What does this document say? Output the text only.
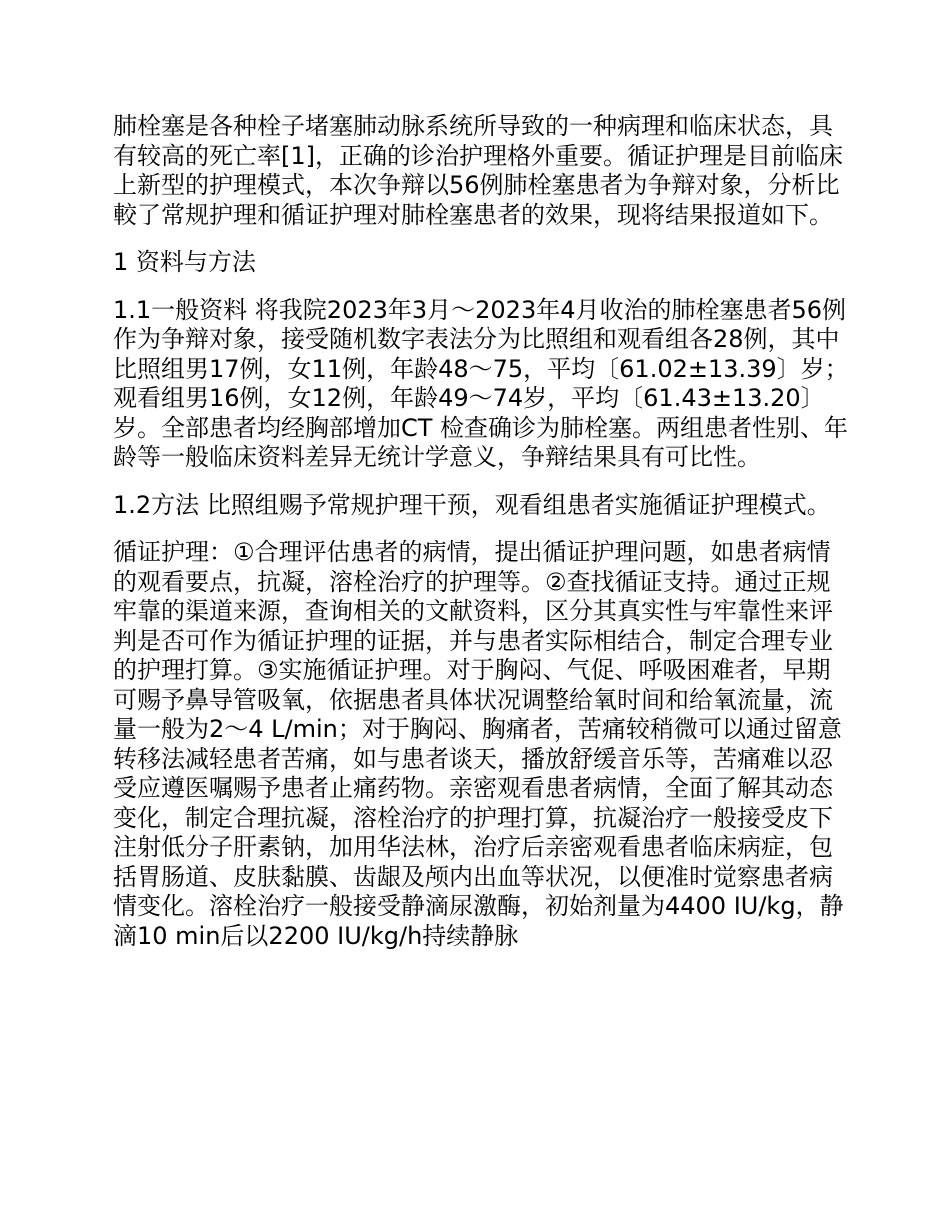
肺栓塞是各种栓子堵塞肺动脉系统所导致的一种病理和临床状态，具有较高的死亡率[1]，正确的诊治护理格外重要。循证护理是目前临床上新型的护理模式，本次争辩以56例肺栓塞患者为争辩对象，分析比較了常规护理和循证护理对肺栓塞患者的效果，现将结果报道如下。

1 资料与方法

1.1一般资料 将我院2023年3月～2023年4月收治的肺栓塞患者56例作为争辩对象，接受随机数字表法分为比照组和观看组各28例，其中比照组男17例，女11例，年龄48～75，平均〔61.02±13.39〕岁；观看组男16例，女12例，年龄49～74岁，平均〔61.43±13.20〕岁。全部患者均经胸部增加CT 检查确诊为肺栓塞。两组患者性别、年龄等一般临床资料差异无统计学意义，争辩结果具有可比性。

1.2方法 比照组赐予常规护理干预，观看组患者实施循证护理模式。

循证护理：①合理评估患者的病情，提出循证护理问题，如患者病情的观看要点，抗凝，溶栓治疗的护理等。②查找循证支持。通过正规牢靠的渠道来源，查询相关的文献资料，区分其真实性与牢靠性来评判是否可作为循证护理的证据，并与患者实际相结合，制定合理专业的护理打算。③实施循证护理。对于胸闷、气促、呼吸困难者，早期可赐予鼻导管吸氧，依据患者具体状况调整给氧时间和给氧流量，流量一般为2～4 L/min；对于胸闷、胸痛者，苦痛较稍微可以通过留意转移法减轻患者苦痛，如与患者谈天，播放舒缓音乐等，苦痛难以忍受应遵医嘱赐予患者止痛药物。亲密观看患者病情，全面了解其动态变化，制定合理抗凝，溶栓治疗的护理打算，抗凝治疗一般接受皮下注射低分子肝素钠，加用华法林，治疗后亲密观看患者临床病症，包括胃肠道、皮肤黏膜、齿龈及颅内出血等状况，以便准时觉察患者病情变化。溶栓治疗一般接受静滴尿激酶，初始剂量为4400 IU/kg，静滴10 min后以2200 IU/kg/h持续静脉
